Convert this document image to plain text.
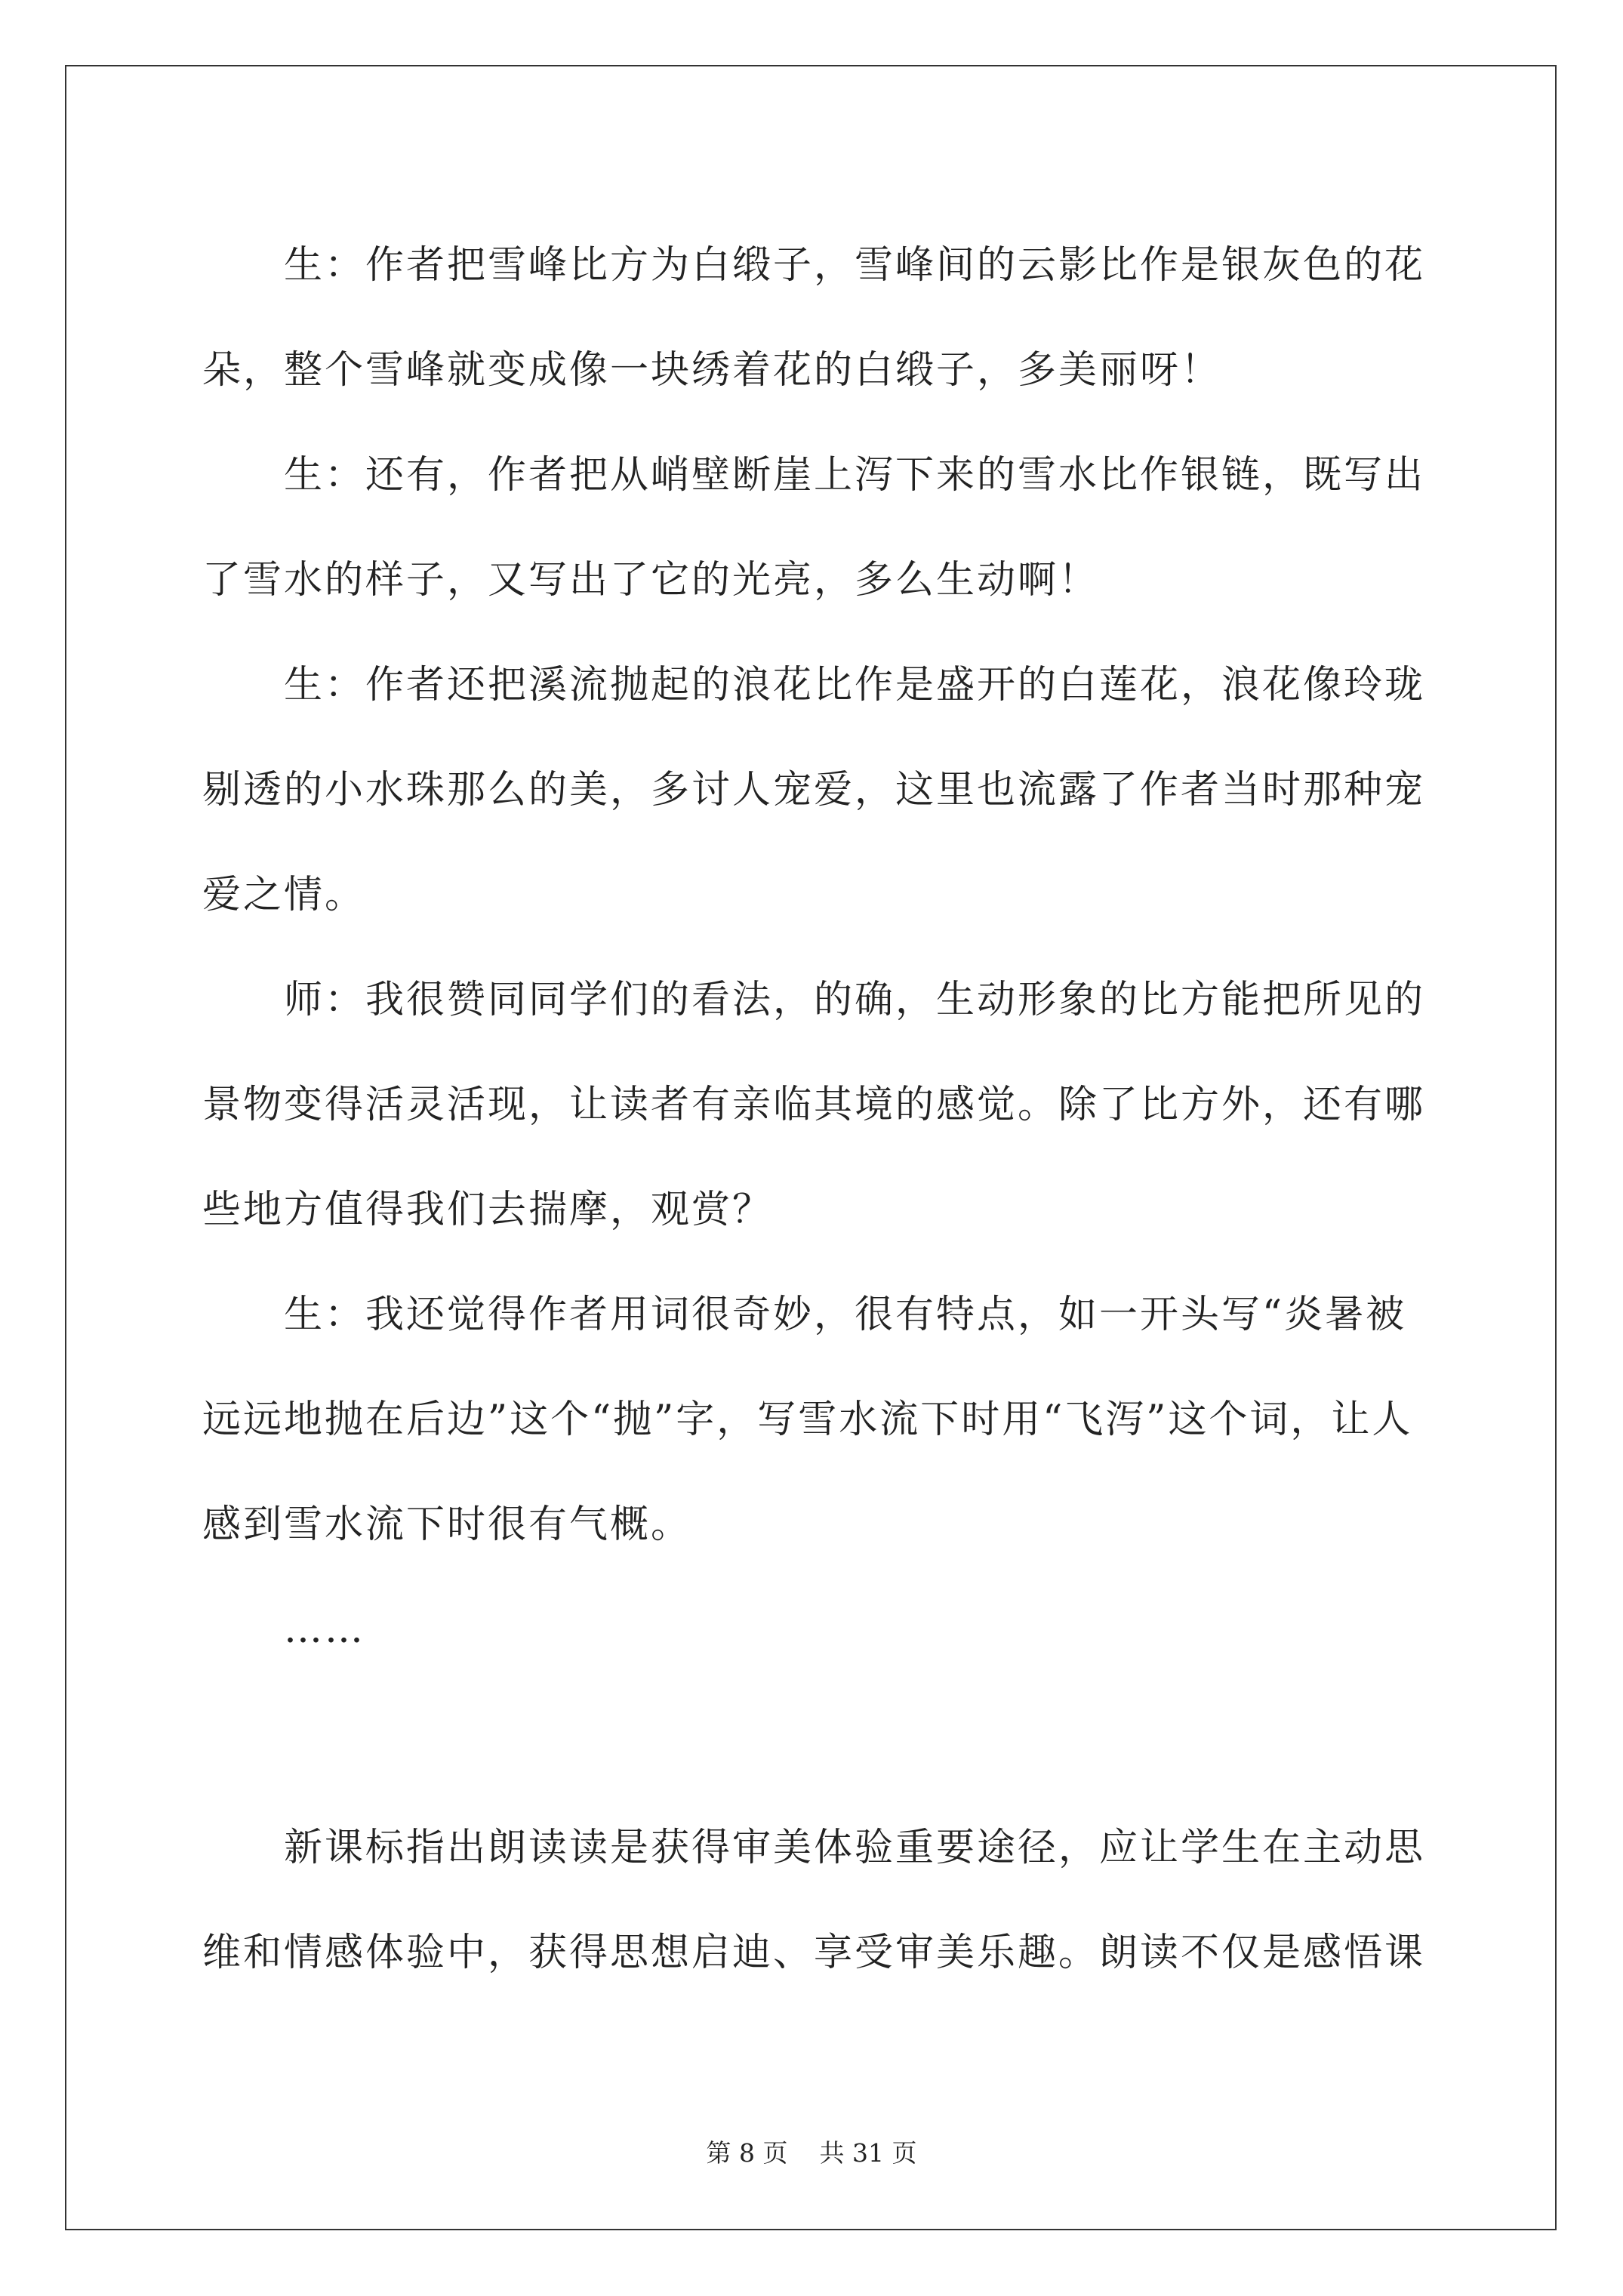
生：作者把雪峰比方为白缎子，雪峰间的云影比作是银灰色的花朵，整个雪峰就变成像一块绣着花的白缎子，多美丽呀！

生：还有，作者把从峭壁断崖上泻下来的雪水比作银链，既写出了雪水的样子，又写出了它的光亮，多么生动啊！

生：作者还把溪流抛起的浪花比作是盛开的白莲花，浪花像玲珑剔透的小水珠那么的美，多讨人宠爱，这里也流露了作者当时那种宠爱之情。

师：我很赞同同学们的看法，的确，生动形象的比方能把所见的景物变得活灵活现，让读者有亲临其境的感觉。除了比方外，还有哪些地方值得我们去揣摩，观赏？

生：我还觉得作者用词很奇妙，很有特点，如一开头写“炎暑被远远地抛在后边”这个“抛”字，写雪水流下时用“飞泻”这个词，让人感到雪水流下时很有气概。

……

新课标指出朗读读是获得审美体验重要途径，应让学生在主动思维和情感体验中，获得思想启迪、享受审美乐趣。朗读不仅是感悟课

第 8 页    共 31 页
